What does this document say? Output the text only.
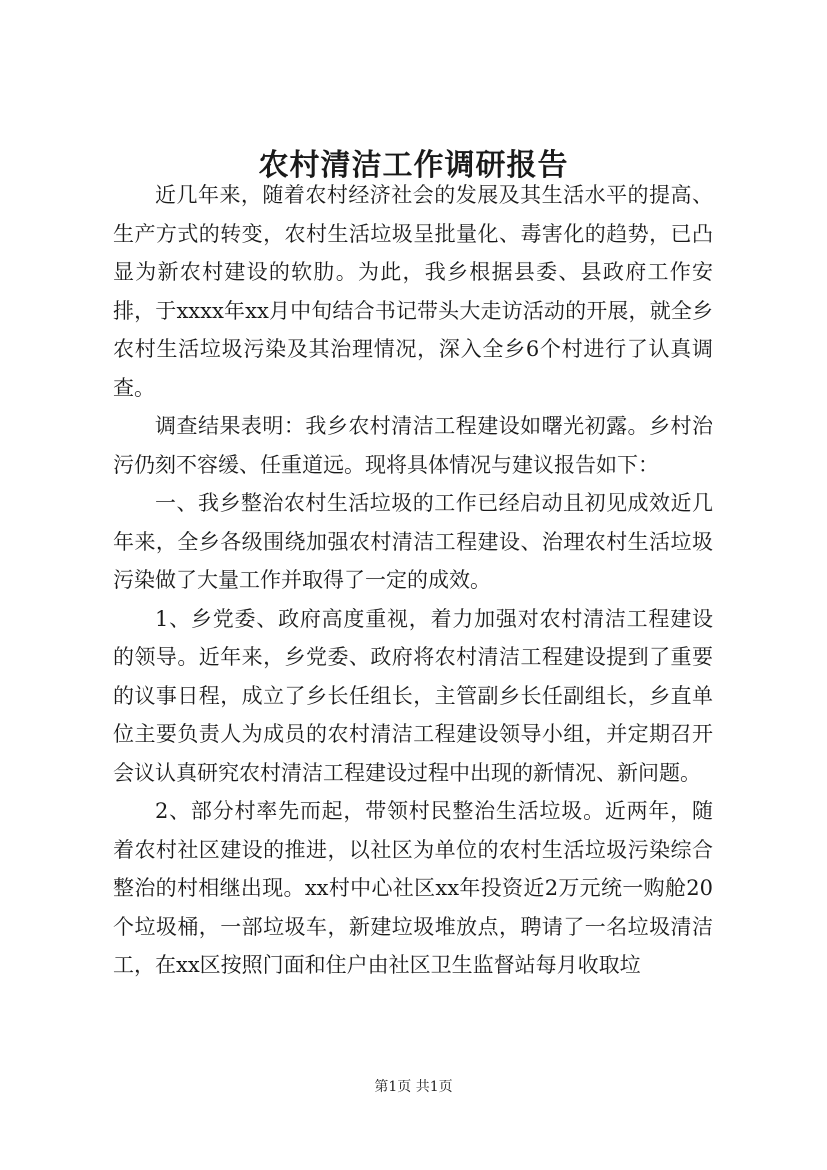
农村清洁工作调研报告

近几年来，随着农村经济社会的发展及其生活水平的提高、生产方式的转变，农村生活垃圾呈批量化、毒害化的趋势，已凸显为新农村建设的软肋。为此，我乡根据县委、县政府工作安排，于xxxx年xx月中旬结合书记带头大走访活动的开展，就全乡农村生活垃圾污染及其治理情况，深入全乡6个村进行了认真调查。

调查结果表明：我乡农村清洁工程建设如曙光初露。乡村治污仍刻不容缓、任重道远。现将具体情况与建议报告如下：

一、我乡整治农村生活垃圾的工作已经启动且初见成效近几年来，全乡各级围绕加强农村清洁工程建设、治理农村生活垃圾污染做了大量工作并取得了一定的成效。

1、乡党委、政府高度重视，着力加强对农村清洁工程建设的领导。近年来，乡党委、政府将农村清洁工程建设提到了重要的议事日程，成立了乡长任组长，主管副乡长任副组长，乡直单位主要负责人为成员的农村清洁工程建设领导小组，并定期召开会议认真研究农村清洁工程建设过程中出现的新情况、新问题。

2、部分村率先而起，带领村民整治生活垃圾。近两年，随着农村社区建设的推进，以社区为单位的农村生活垃圾污染综合整治的村相继出现。xx村中心社区xx年投资近2万元统一购舱20个垃圾桶，一部垃圾车，新建垃圾堆放点，聘请了一名垃圾清洁工，在xx区按照门面和住户由社区卫生监督站每月收取垃

第1页 共1页
